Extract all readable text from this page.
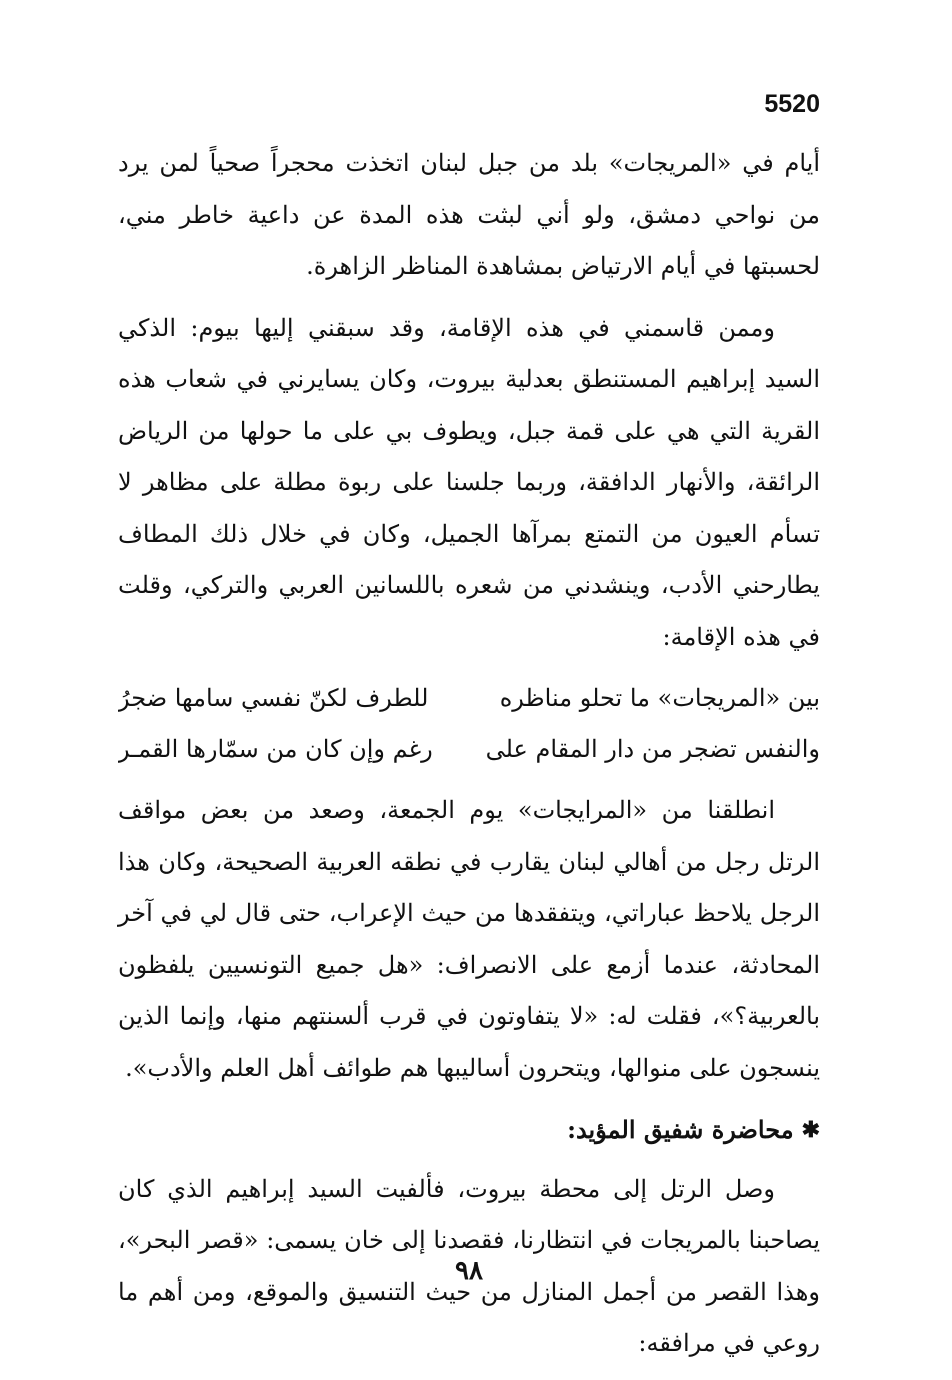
5520

أيام في «المريجات» بلد من جبل لبنان اتخذت محجراً صحياً لمن يرد من نواحي دمشق، ولو أني لبثت هذه المدة عن داعية خاطر مني، لحسبتها في أيام الارتياض بمشاهدة المناظر الزاهرة.

وممن قاسمني في هذه الإقامة، وقد سبقني إليها بيوم: الذكي السيد إبراهيم المستنطق بعدلية بيروت، وكان يسايرني في شعاب هذه القرية التي هي على قمة جبل، ويطوف بي على ما حولها من الرياض الرائقة، والأنهار الدافقة، وربما جلسنا على ربوة مطلة على مظاهر لا تسأم العيون من التمتع بمرآها الجميل، وكان في خلال ذلك المطاف يطارحني الأدب، وينشدني من شعره باللسانين العربي والتركي، وقلت في هذه الإقامة:

بين «المريجات» ما تحلو مناظره
للطرف لكنّ نفسي سامها ضجرُ
والنفس تضجر من دار المقام على
رغم وإن كان من سمّارها القمـر

انطلقنا من «المرايجات» يوم الجمعة، وصعد من بعض مواقف الرتل رجل من أهالي لبنان يقارب في نطقه العربية الصحيحة، وكان هذا الرجل يلاحظ عباراتي، ويتفقدها من حيث الإعراب، حتى قال لي في آخر المحادثة، عندما أزمع على الانصراف: «هل جميع التونسيين يلفظون بالعربية؟»، فقلت له: «لا يتفاوتون في قرب ألسنتهم منها، وإنما الذين ينسجون على منوالها، ويتحرون أساليبها هم طوائف أهل العلم والأدب».

✱
محاضرة شفيق المؤيد:

وصل الرتل إلى محطة بيروت، فألفيت السيد إبراهيم الذي كان يصاحبنا بالمريجات في انتظارنا، فقصدنا إلى خان يسمى: «قصر البحر»، وهذا القصر من أجمل المنازل من حيث التنسيق والموقع، ومن أهم ما روعي في مرافقه:

٩٨
